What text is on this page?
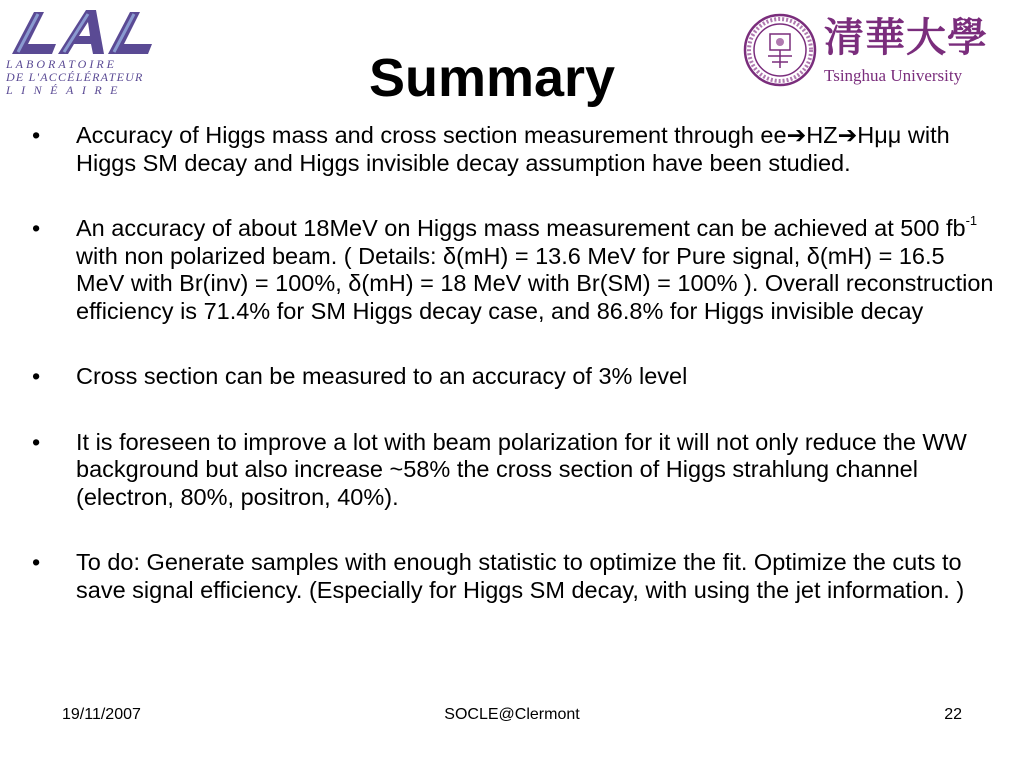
LABORATOIRE
DE L'ACCÉLÉRATEUR
LINÉAIRE
清華大學
Tsinghua University
Summary
• Accuracy of Higgs mass and cross section measurement through ee➔HZ➔Hμμ with Higgs SM decay and Higgs invisible decay assumption have been studied.
• An accuracy of about 18MeV on Higgs mass measurement can be achieved at 500 $fb^{-1}$ with non polarized beam. ( Details: δ(mH) = 13.6 MeV for Pure signal, δ(mH) = 16.5 MeV with Br(inv) = 100%, δ(mH) = 18 MeV with Br(SM) = 100% ). Overall reconstruction efficiency is 71.4% for SM Higgs decay case, and 86.8% for Higgs invisible decay
• Cross section can be measured to an accuracy of 3% level
• It is foreseen to improve a lot with beam polarization for it will not only reduce the WW background but also increase ~58% the cross section of Higgs strahlung channel (electron, 80%, positron, 40%).
• To do: Generate samples with enough statistic to optimize the fit. Optimize the cuts to save signal efficiency. (Especially for Higgs SM decay, with using the jet information. )
19/11/2007	SOCLE@Clermont	22
